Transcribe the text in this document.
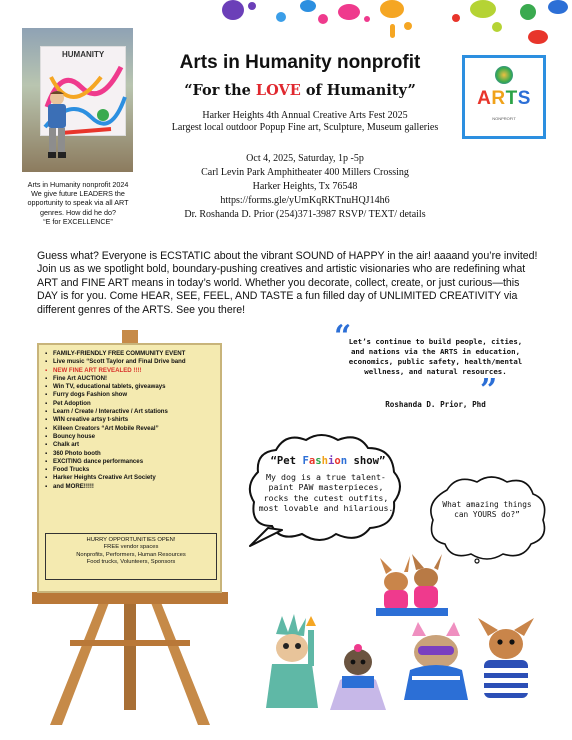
HUMANITY
Arts in Humanity nonprofit 2024
We give future LEADERS the
opportunity to speak via all ART
genres. How did he do?
“E for EXCELLENCE”
Arts in Humanity nonprofit
“For the LOVE of Humanity”
Harker Heights 4th Annual Creative Arts Fest 2025
Largest local outdoor Popup Fine art, Sculpture, Museum galleries
Oct 4, 2025, Saturday, 1p -5p
Carl Levin Park Amphitheater 400 Millers Crossing
Harker Heights, Tx 76548
https://forms.gle/yUmKqRKTnuHQJ14h6
Dr. Roshanda D. Prior (254)371-3987 RSVP/ TEXT/ details
ARTS
NONPROFIT
Guess what? Everyone is ECSTATIC about the vibrant SOUND of HAPPY in the air! aaaand you’re invited! Join us as we spotlight bold, boundary-pushing creatives and artistic visionaries who are redefining what ART and FINE ART means in today’s world. Whether you decorate, collect, create, or just curious—this DAY is for you. Come HEAR, SEE, FEEL, AND TASTE a fun filled day of UNLIMITED CREATIVITY via different genres of the ARTS. See you there!
“
Let’s continue to build people, cities, and nations via the ARTS in education, economics, public safety, health/mental wellness, and natural resources.
”
Roshanda D. Prior, Phd
▪ FAMILY-FRIENDLY FREE COMMUNITY EVENT
▪ Live music “Scott Taylor and Final Drive band
▪ NEW FINE ART REVEALED !!!!
▪ Fine Art AUCTION!
▪ Win TV, educational tablets, giveaways
▪ Furry dogs Fashion show
▪ Pet Adoption
▪ Learn / Create / Interactive / Art stations
▪ WIN creative artsy t-shirts
▪ Killeen Creators “Art Mobile Reveal”
▪ Bouncy house
▪ Chalk art
▪ 360 Photo booth
▪ EXCITING dance performances
▪ Food Trucks
▪ Harker Heights Creative Art Society
▪ and MORE!!!!!
HURRY OPPORTUNITIES OPEN!
FREE vendor spaces
Nonprofits, Performers, Human Resources
Food trucks, Volunteers, Sponsors
“Pet Fashion show”
My dog is a true talent-paint PAW masterpieces, rocks the cutest outfits, most lovable and hilarious.	What amazing things can YOURS do?”
